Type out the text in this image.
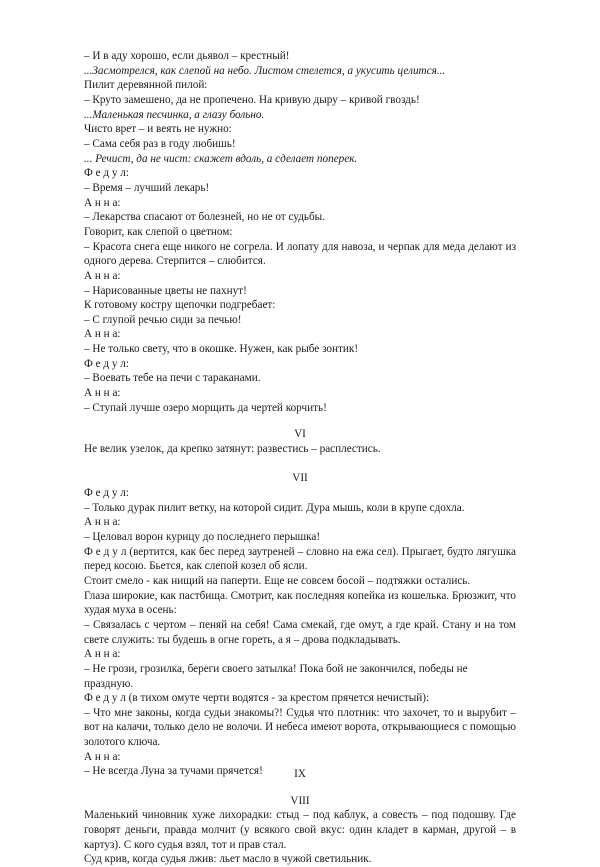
– И в аду хорошо, если дьявол – крестный!
...Засмотрелся, как слепой на небо. Листом стелется, а укусить целится...
Пилит деревянной пилой:
– Круто замешено, да не пропечено. На кривую дыру – кривой гвоздь!
...Маленькая песчинка, а глазу больно.
Чисто врет – и веять не нужно:
– Сама себя раз в году любишь!
... Речист, да не чист: скажет вдоль, а сделает поперек.
Ф е д у л:
– Время – лучший лекарь!
А н н а:
– Лекарства спасают от болезней, но не от судьбы.
Говорит, как слепой о цветном:
– Красота снега еще никого не согрела. И лопату для навоза, и черпак для меда делают из одного дерева. Стерпится – слюбится.
А н н а:
– Нарисованные цветы не пахнут!
К готовому костру щепочки подгребает:
– С глупой речью сиди за печью!
А н н а:
– Не только свету, что в окошке. Нужен, как рыбе зонтик!
Ф е д у л:
– Воевать тебе на печи с тараканами.
А н н а:
– Ступай лучше озеро морщить да чертей корчить!
VI
Не велик узелок, да крепко затянут: развестись – расплестись.
VII
Ф е д у л:
– Только дурак пилит ветку, на которой сидит. Дура мышь, коли в крупе сдохла.
А н н а:
– Целовал ворон курицу до последнего перышка!
Ф е д у л (вертится, как бес перед заутреней – словно на ежа сел). Прыгает, будто лягушка перед косою. Бьется, как слепой козел об ясли.
Стоит смело - как нищий на паперти. Еще не совсем босой – подтяжки остались.
Глаза широкие, как пастбища. Смотрит, как последняя копейка из кошелька. Брюзжит, что худая муха в осень:
– Связалась с чертом – пеняй на себя! Сама смекай, где омут, а где край. Стану и на том свете служить: ты будешь в огне гореть, а я – дрова подкладывать.
А н н а:
– Не грози, грозилка, береги своего затылка! Пока бой не закончился, победы не праздную.
Ф е д у л (в тихом омуте черти водятся - за крестом прячется нечистый):
– Что мне законы, когда судьи знакомы?! Судья что плотник: что захочет, то и вырубит – вот на калачи, только дело не волочи. И небеса имеют ворота, открывающиеся с помощью золотого ключа.
А н н а:
– Не всегда Луна за тучами прячется!
VIII
Маленький чиновник хуже лихорадки: стыд – под каблук, а совесть – под подошву. Где говорят деньги, правда молчит (у всякого свой вкус: один кладет в карман, другой – в картуз). С кого судья взял, тот и прав стал.
Суд крив, когда судья лжив: льет масло в чужой светильник.
IX
